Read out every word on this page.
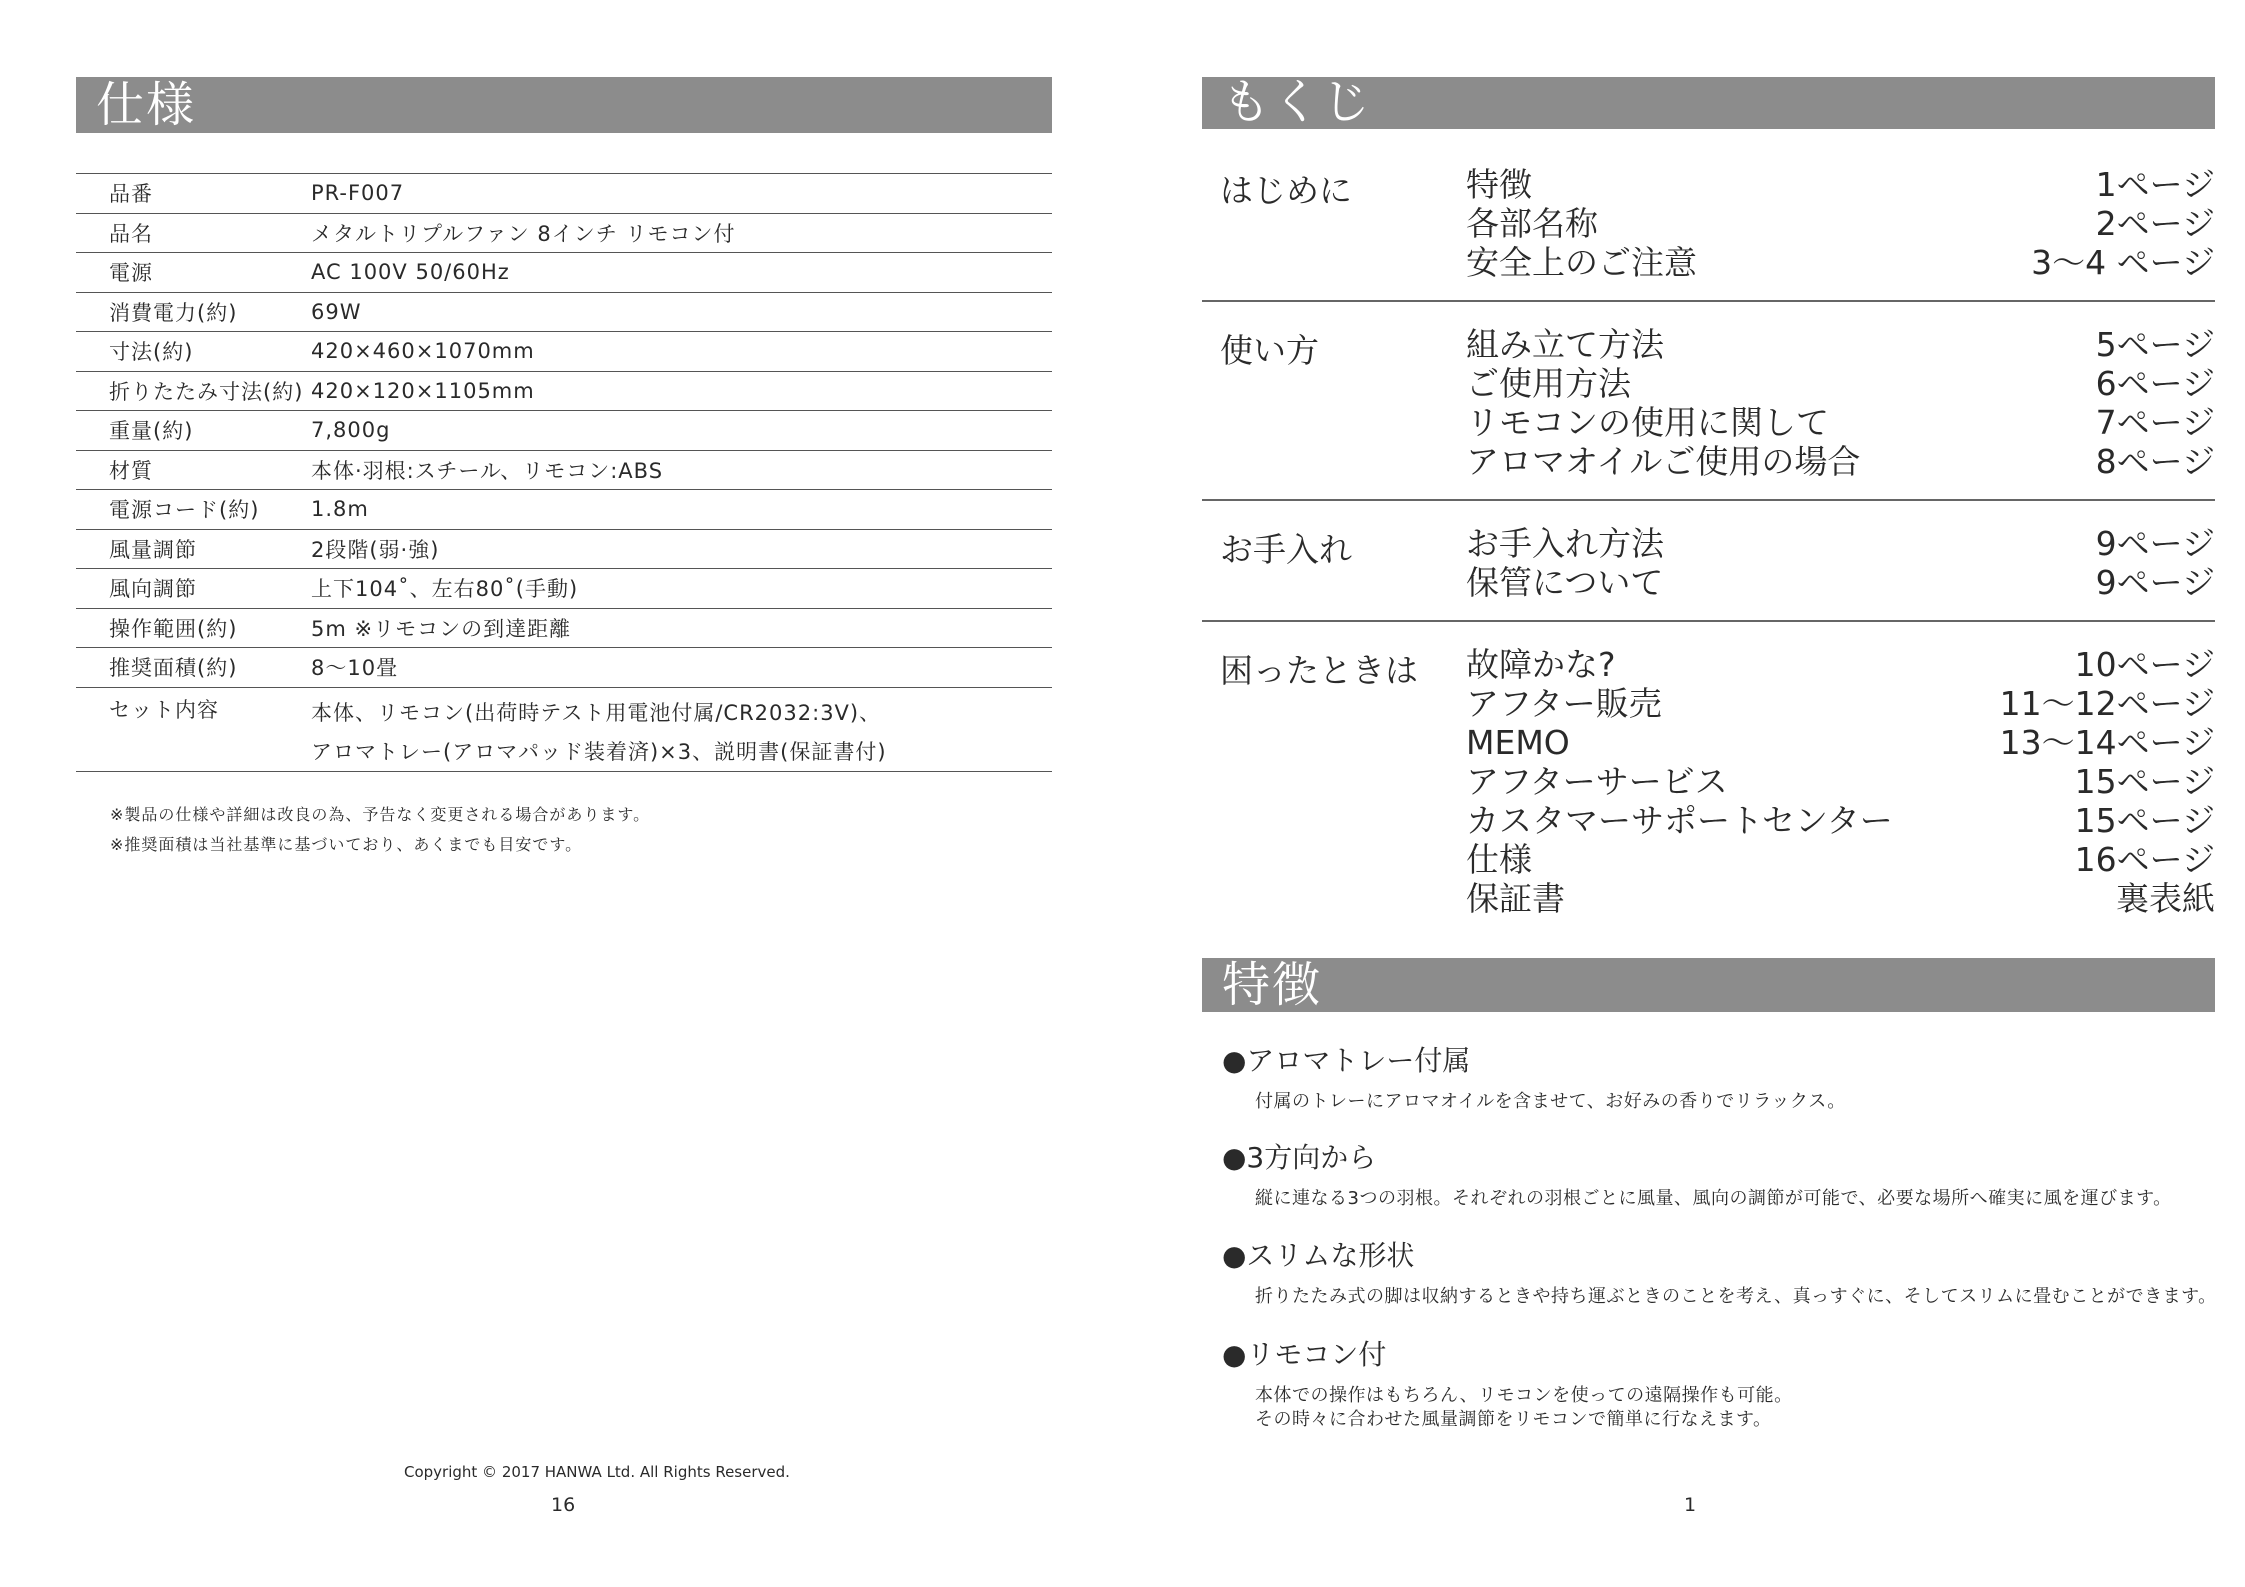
仕様
品番	PR-F007
品名	メタルトリプルファン 8インチ リモコン付
電源	AC 100V 50/60Hz
消費電力(約)	69W
寸法(約)	420×460×1070mm
折りたたみ寸法(約) 420×120×1105mm
重量(約)	7,800g
材質	本体·羽根:スチール、リモコン:ABS
電源コード(約)	1.8m
風量調節	2段階(弱·強)
風向調節	上下104˚、左右80˚(手動)
操作範囲(約)	5m ※リモコンの到達距離
推奨面積(約)	8〜10畳
セット内容	本体、リモコン(出荷時テスト用電池付属/CR2032:3V)、
アロマトレー(アロマパッド装着済)×3、説明書(保証書付)
※製品の仕様や詳細は改良の為、予告なく変更される場合があります。
※推奨面積は当社基準に基づいており、あくまでも目安です。
Copyright © 2017 HANWA Ltd. All Rights Reserved.
16
もくじ
はじめに	特徴	1ページ
各部名称	2ページ
安全上のご注意	3〜4 ページ
使い方	組み立て方法	5ページ
ご使用方法	6ページ
リモコンの使用に関して	7ページ
アロマオイルご使用の場合	8ページ
お手入れ	お手入れ方法	9ページ
保管について	9ページ
困ったときは 故障かな?	10ページ
アフター販売	11〜12ページ
MEMO	13〜14ページ
アフターサービス	15ページ
カスタマーサポートセンター	15ページ
仕様	16ページ
保証書	裏表紙
特徴
●アロマトレー付属
付属のトレーにアロマオイルを含ませて、お好みの香りでリラックス。
●3方向から
縦に連なる3つの羽根。それぞれの羽根ごとに風量、風向の調節が可能で、必要な場所へ確実に風を運びます。
●スリムな形状
折りたたみ式の脚は収納するときや持ち運ぶときのことを考え、真っすぐに、そしてスリムに畳むことができます。
●リモコン付
本体での操作はもちろん、リモコンを使っての遠隔操作も可能。
その時々に合わせた風量調節をリモコンで簡単に行なえます。
1
